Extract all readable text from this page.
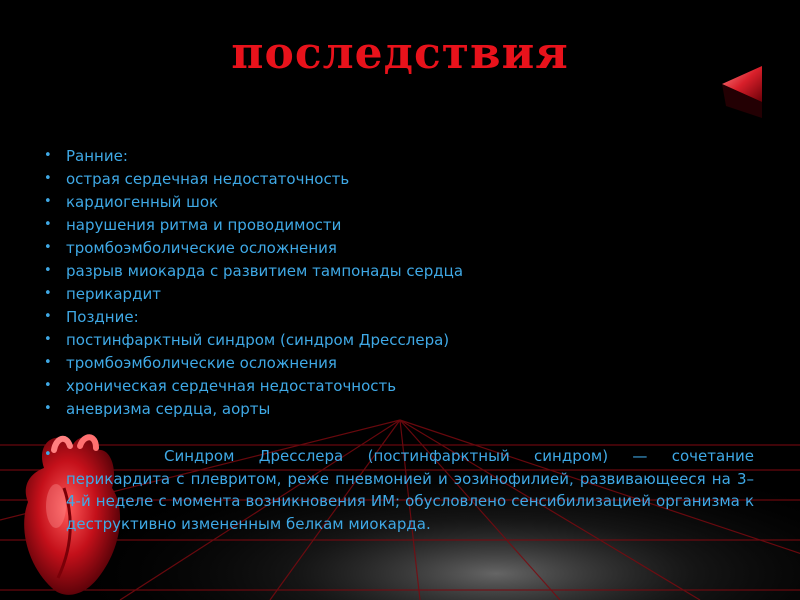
последствия
• Ранние:
• острая сердечная недостаточность
• кардиогенный шок
• нарушения ритма и проводимости
• тромбоэмболические осложнения
• разрыв миокарда с развитием тампонады сердца
• перикардит
• Поздние:
• постинфарктный синдром (синдром Дресслера)
• тромбоэмболические осложнения
• хроническая сердечная недостаточность
• аневризма сердца, аорты
•	Синдром Дресслера (постинфарктный синдром) — сочетание перикардита с плевритом, реже пневмонией и эозинофилией, развивающееся на 3–4-й неделе с момента возникновения ИМ; обусловлено сенсибилизацией организма к деструктивно измененным белкам миокарда.
